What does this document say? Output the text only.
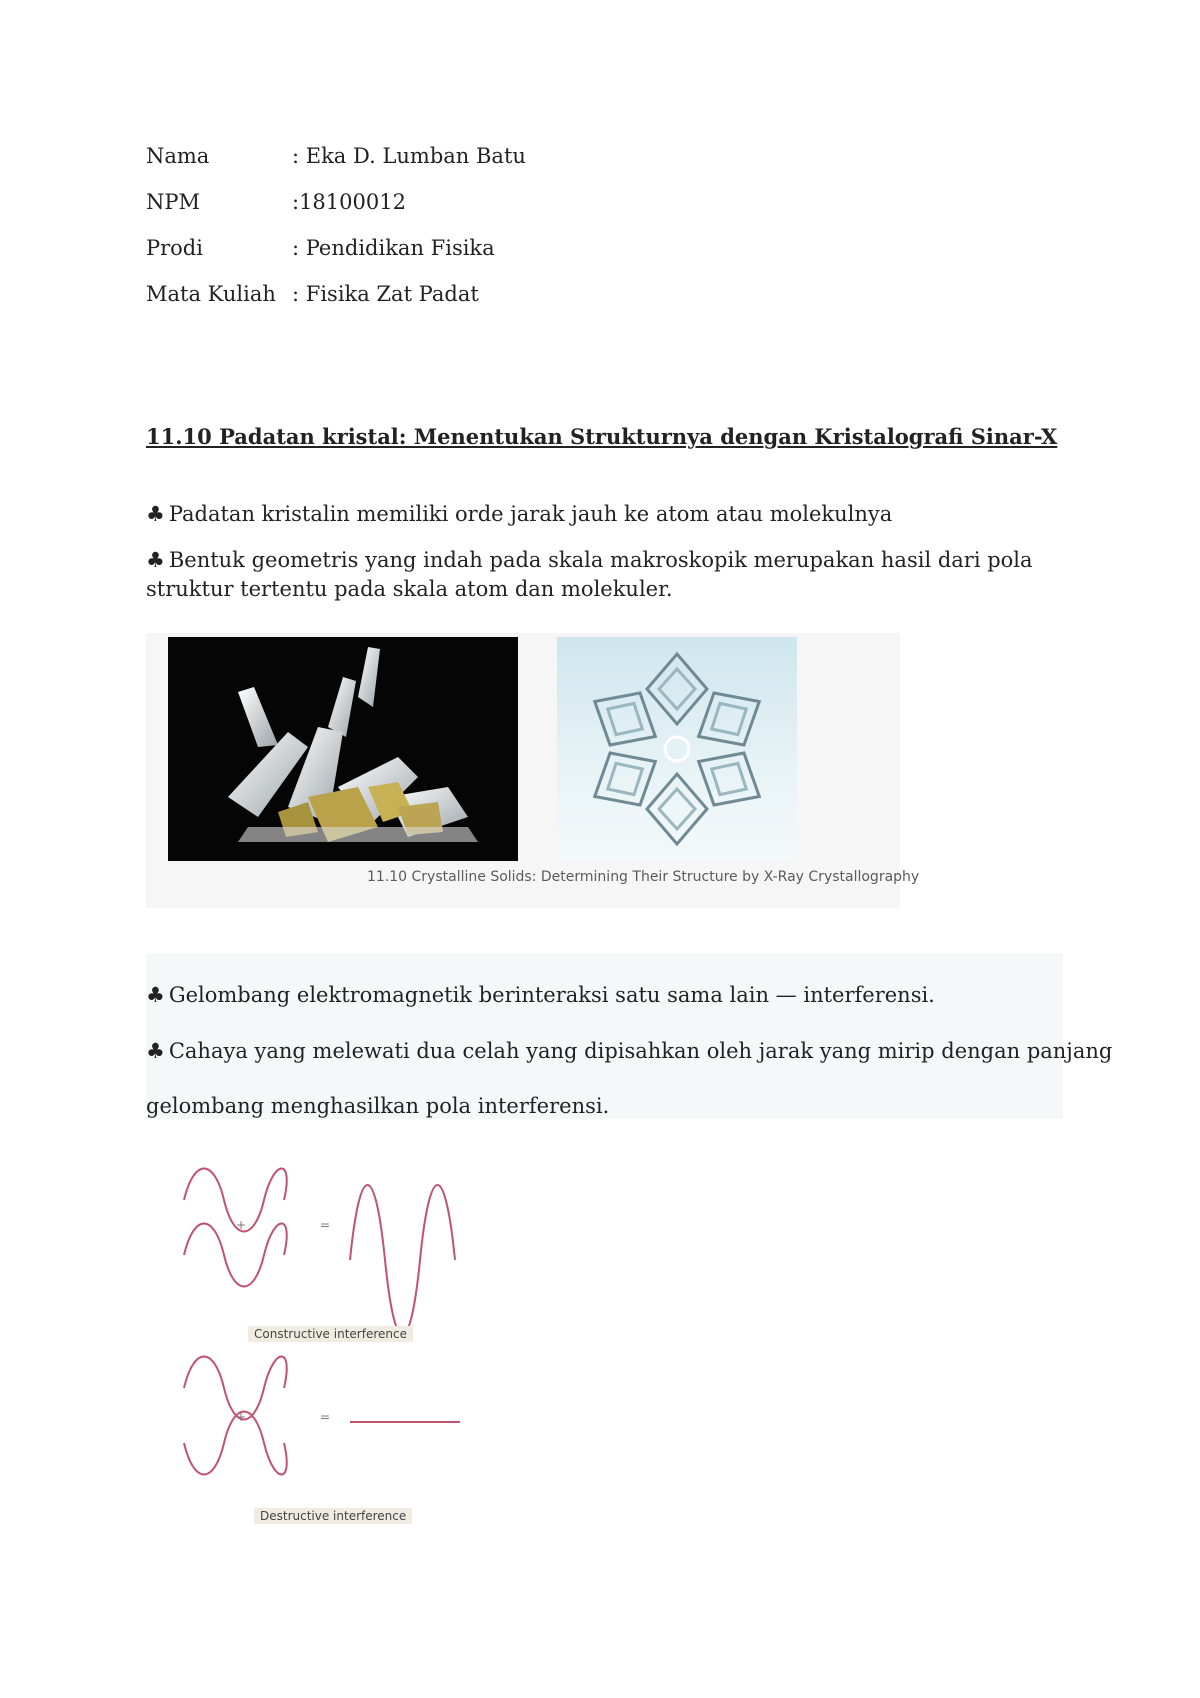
Nama	: Eka D. Lumban Batu
NPM	:18100012
Prodi	: Pendidikan Fisika
Mata Kuliah : Fisika Zat Padat
11.10 Padatan kristal: Menentukan Strukturnya dengan Kristalografi Sinar-X

♣ Padatan kristalin memiliki orde jarak jauh ke atom atau molekulnya

♣ Bentuk geometris yang indah pada skala makroskopik merupakan hasil dari pola struktur tertentu pada skala atom dan molekuler.

11.10 Crystalline Solids: Determining Their Structure by X-Ray Crystallography

♣ Gelombang elektromagnetik berinteraksi satu sama lain — interferensi.

♣ Cahaya yang melewati dua celah yang dipisahkan oleh jarak yang mirip dengan panjang

gelombang menghasilkan pola interferensi.

+	=
Constructive interference
+	=
Destructive interference
